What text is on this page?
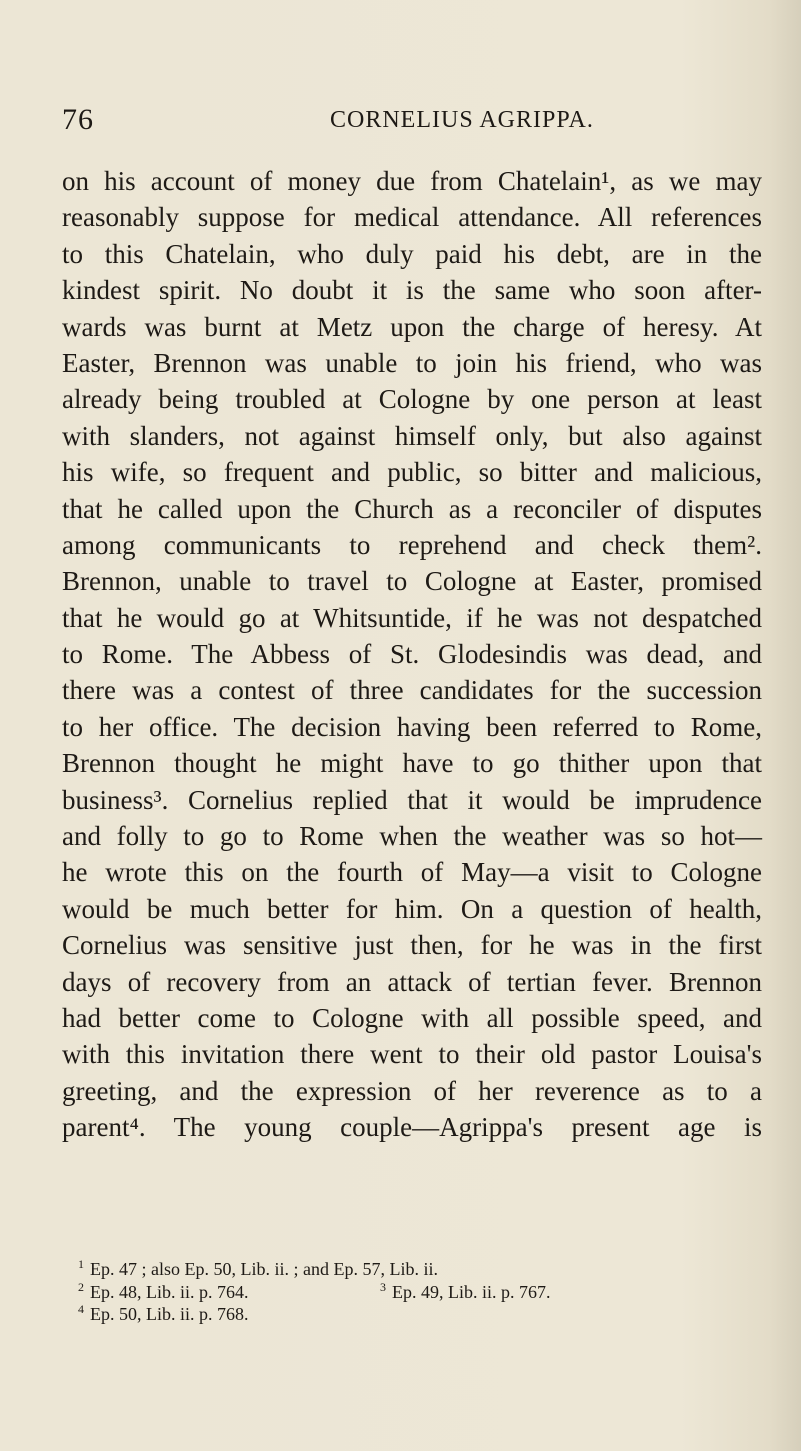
76	CORNELIUS AGRIPPA.
on his account of money due from Chatelain¹, as we may
reasonably suppose for medical attendance. All references
to this Chatelain, who duly paid his debt, are in the
kindest spirit. No doubt it is the same who soon after-
wards was burnt at Metz upon the charge of heresy. At
Easter, Brennon was unable to join his friend, who was
already being troubled at Cologne by one person at least
with slanders, not against himself only, but also against
his wife, so frequent and public, so bitter and malicious,
that he called upon the Church as a reconciler of disputes
among communicants to reprehend and check them².
Brennon, unable to travel to Cologne at Easter, promised
that he would go at Whitsuntide, if he was not despatched
to Rome. The Abbess of St. Glodesindis was dead, and
there was a contest of three candidates for the succession
to her office. The decision having been referred to Rome,
Brennon thought he might have to go thither upon that
business³. Cornelius replied that it would be imprudence
and folly to go to Rome when the weather was so hot—
he wrote this on the fourth of May—a visit to Cologne
would be much better for him. On a question of health,
Cornelius was sensitive just then, for he was in the first
days of recovery from an attack of tertian fever. Brennon
had better come to Cologne with all possible speed, and
with this invitation there went to their old pastor Louisa's
greeting, and the expression of her reverence as to a
parent⁴. The young couple—Agrippa's present age is
$^1$ Ep. 47 ; also Ep. 50, Lib. ii. ; and Ep. 57, Lib. ii.
$^2$ Ep. 48, Lib. ii. p. 764.	$^3$ Ep. 49, Lib. ii. p. 767.
$^4$ Ep. 50, Lib. ii. p. 768.
